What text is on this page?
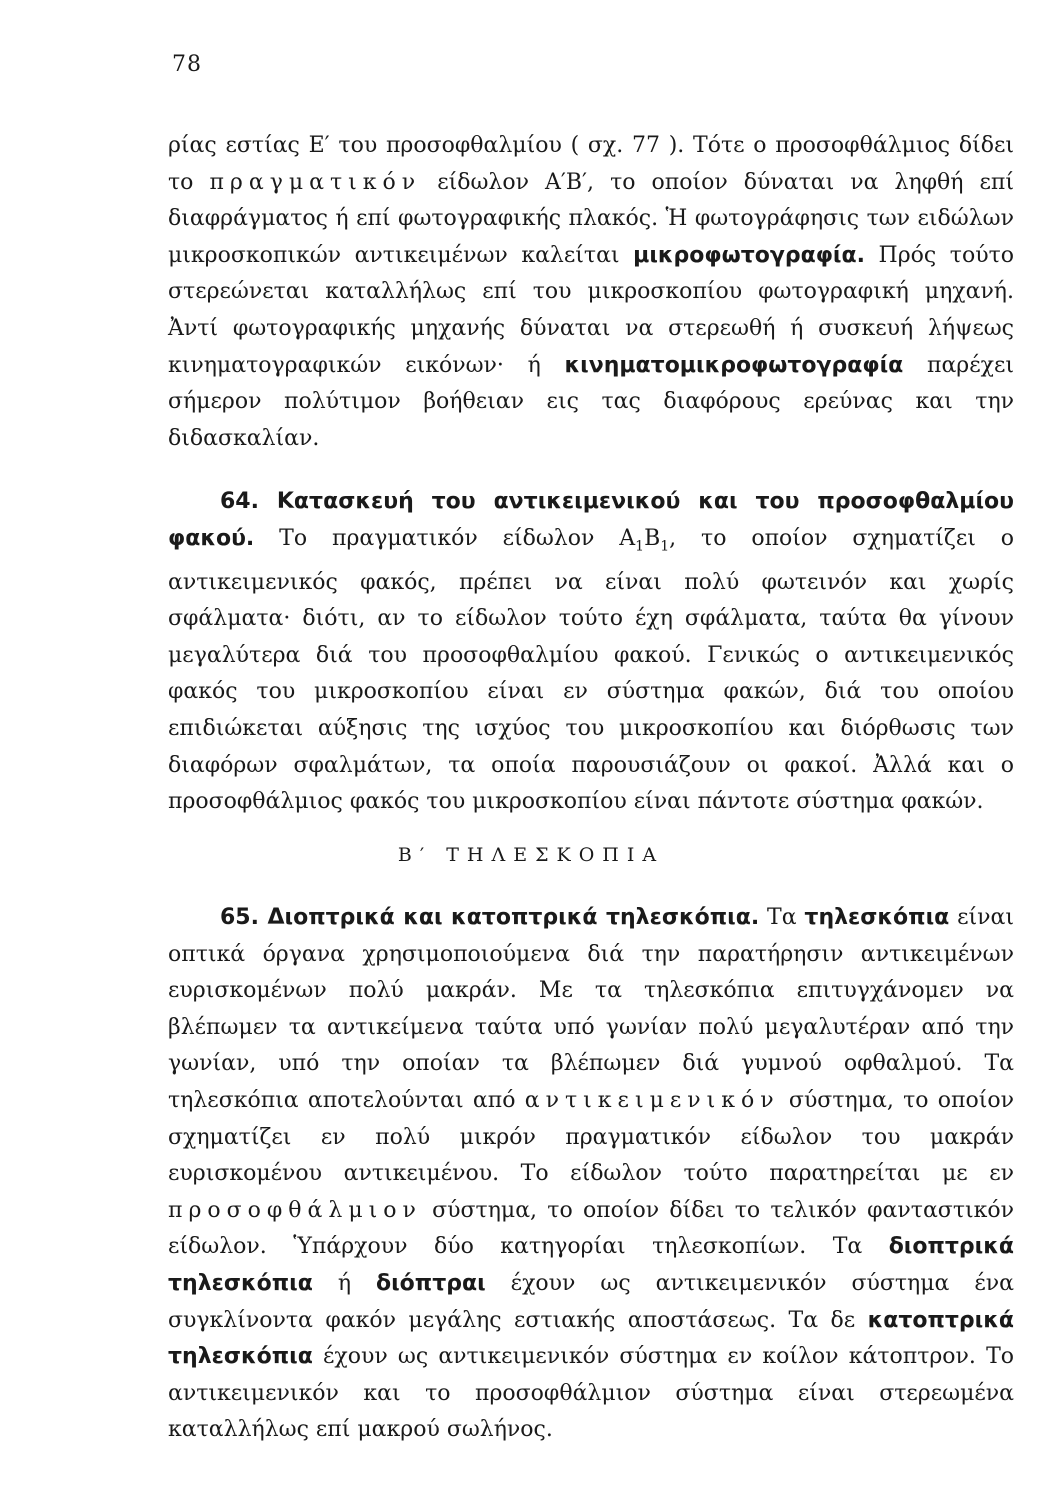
78

ρίας εστίας E′ του προσοφθαλμίου ( σχ. 77 ). Τότε ο προσοφθάλμιος δίδει το πραγματικόν είδωλον A′B′, το οποίον δύναται να ληφθή επί διαφράγματος ή επί φωτογραφικής πλακός. Ἡ φωτογράφησις των ειδώλων μικροσκοπικών αντικειμένων καλείται μικροφωτογραφία. Πρός τούτο στερεώνεται καταλλήλως επί του μικροσκοπίου φωτογραφική μηχανή. Ἀντί φωτογραφικής μηχανής δύναται να στερεωθή ή συσκευή λήψεως κινηματογραφικών εικόνων· ή κινηματομικροφωτογραφία παρέχει σήμερον πολύτιμον βοήθειαν εις τας διαφόρους ερεύνας και την διδασκαλίαν.

64. Κατασκευή του αντικειμενικού και του προσοφθαλμίου φακού. Το πραγματικόν είδωλον $A_1B_1$, το οποίον σχηματίζει ο αντικειμενικός φακός, πρέπει να είναι πολύ φωτεινόν και χωρίς σφάλματα· διότι, αν το είδωλον τούτο έχη σφάλματα, ταύτα θα γίνουν μεγαλύτερα διά του προσοφθαλμίου φακού. Γενικώς ο αντικειμενικός φακός του μικροσκοπίου είναι εν σύστημα φακών, διά του οποίου επιδιώκεται αύξησις της ισχύος του μικροσκοπίου και διόρθωσις των διαφόρων σφαλμάτων, τα οποία παρουσιάζουν οι φακοί. Ἀλλά και ο προσοφθάλμιος φακός του μικροσκοπίου είναι πάντοτε σύστημα φακών.

Β′ ΤΗΛΕΣΚΟΠΙΑ

65. Διοπτρικά και κατοπτρικά τηλεσκόπια. Τα τηλεσκόπια είναι οπτικά όργανα χρησιμοποιούμενα διά την παρατήρησιν αντικειμένων ευρισκομένων πολύ μακράν. Με τα τηλεσκόπια επιτυγχάνομεν να βλέπωμεν τα αντικείμενα ταύτα υπό γωνίαν πολύ μεγαλυτέραν από την γωνίαν, υπό την οποίαν τα βλέπωμεν διά γυμνού οφθαλμού. Τα τηλεσκόπια αποτελούνται από αντικειμενικόν σύστημα, το οποίον σχηματίζει εν πολύ μικρόν πραγματικόν είδωλον του μακράν ευρισκομένου αντικειμένου. Το είδωλον τούτο παρατηρείται με εν προσοφθάλμιον σύστημα, το οποίον δίδει το τελικόν φανταστικόν είδωλον. Ὑπάρχουν δύο κατηγορίαι τηλεσκοπίων. Τα διοπτρικά τηλεσκόπια ή διόπτραι έχουν ως αντικειμενικόν σύστημα ένα συγκλίνοντα φακόν μεγάλης εστιακής αποστάσεως. Τα δε κατοπτρικά τηλεσκόπια έχουν ως αντικειμενικόν σύστημα εν κοίλον κάτοπτρον. Το αντικειμενικόν και το προσοφθάλμιον σύστημα είναι στερεωμένα καταλλήλως επί μακρού σωλήνος.
